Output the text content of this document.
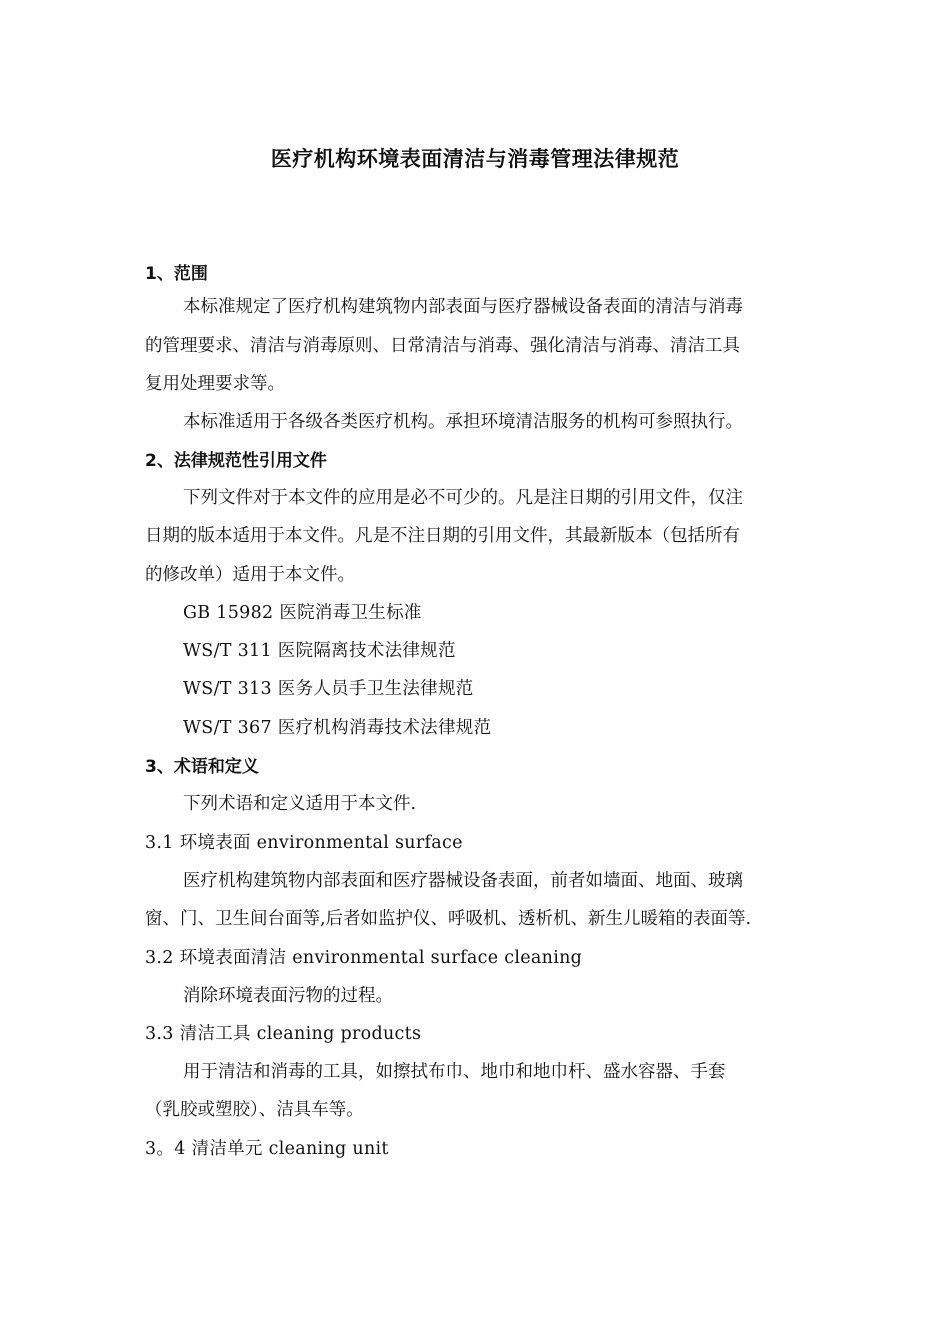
医疗机构环境表面清洁与消毒管理法律规范
1、范围
本标准规定了医疗机构建筑物内部表面与医疗器械设备表面的清洁与消毒
的管理要求、清洁与消毒原则、日常清洁与消毒、强化清洁与消毒、清洁工具
复用处理要求等。
本标准适用于各级各类医疗机构。承担环境清洁服务的机构可参照执行。
2、法律规范性引用文件
下列文件对于本文件的应用是必不可少的。凡是注日期的引用文件，仅注
日期的版本适用于本文件。凡是不注日期的引用文件，其最新版本（包括所有
的修改单）适用于本文件。
GB 15982 医院消毒卫生标准
WS/T 311 医院隔离技术法律规范
WS/T 313 医务人员手卫生法律规范
WS/T 367 医疗机构消毒技术法律规范
3、术语和定义
下列术语和定义适用于本文件.
3.1 环境表面 environmental surface
医疗机构建筑物内部表面和医疗器械设备表面，前者如墙面、地面、玻璃
窗、门、卫生间台面等,后者如监护仪、呼吸机、透析机、新生儿暖箱的表面等.
3.2 环境表面清洁 environmental surface cleaning
消除环境表面污物的过程。
3.3 清洁工具 cleaning products
用于清洁和消毒的工具，如擦拭布巾、地巾和地巾杆、盛水容器、手套
（乳胶或塑胶）、洁具车等。
3。4 清洁单元 cleaning unit
